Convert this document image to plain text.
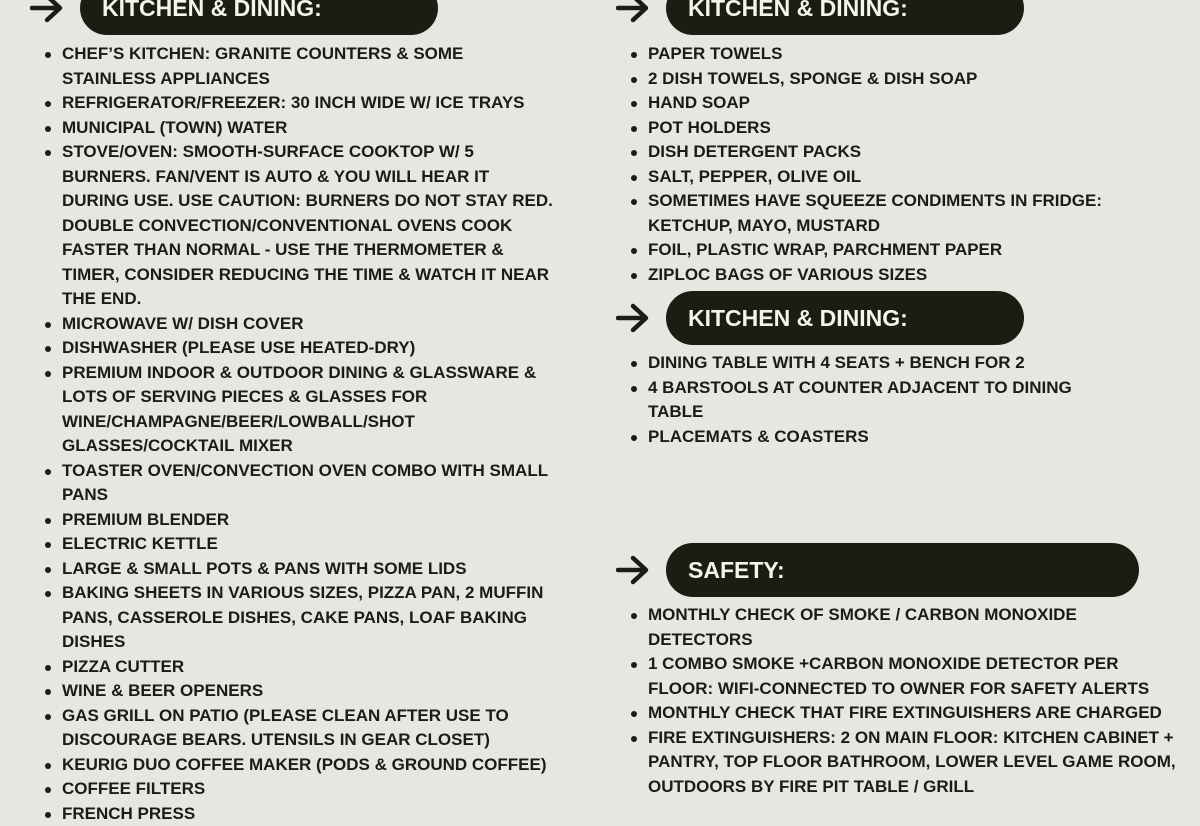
KITCHEN & DINING:
CHEF’S KITCHEN: GRANITE COUNTERS & SOME STAINLESS APPLIANCES
REFRIGERATOR/FREEZER: 30 INCH WIDE W/ ICE TRAYS
MUNICIPAL (TOWN) WATER
STOVE/OVEN: SMOOTH-SURFACE COOKTOP W/ 5 BURNERS. FAN/VENT IS AUTO & YOU WILL HEAR IT DURING USE. USE CAUTION: BURNERS DO NOT STAY RED. DOUBLE CONVECTION/CONVENTIONAL OVENS COOK FASTER THAN NORMAL - USE THE THERMOMETER & TIMER, CONSIDER REDUCING THE TIME & WATCH IT NEAR THE END.
MICROWAVE W/ DISH COVER
DISHWASHER (PLEASE USE HEATED-DRY)
PREMIUM INDOOR & OUTDOOR DINING & GLASSWARE & LOTS OF SERVING PIECES & GLASSES FOR WINE/CHAMPAGNE/BEER/LOWBALL/SHOT GLASSES/COCKTAIL MIXER
TOASTER OVEN/CONVECTION OVEN COMBO WITH SMALL PANS
PREMIUM BLENDER
ELECTRIC KETTLE
LARGE & SMALL POTS & PANS WITH SOME LIDS
BAKING SHEETS IN VARIOUS SIZES, PIZZA PAN, 2 MUFFIN PANS, CASSEROLE DISHES, CAKE PANS, LOAF BAKING DISHES
PIZZA CUTTER
WINE & BEER OPENERS
GAS GRILL ON PATIO (PLEASE CLEAN AFTER USE TO DISCOURAGE BEARS. UTENSILS IN GEAR CLOSET)
KEURIG DUO COFFEE MAKER (PODS & GROUND COFFEE)
COFFEE FILTERS
FRENCH PRESS
KITCHEN & DINING:
PAPER TOWELS
2 DISH TOWELS, SPONGE & DISH SOAP
HAND SOAP
POT HOLDERS
DISH DETERGENT PACKS
SALT, PEPPER, OLIVE OIL
SOMETIMES HAVE SQUEEZE CONDIMENTS IN FRIDGE: KETCHUP, MAYO, MUSTARD
FOIL, PLASTIC WRAP, PARCHMENT PAPER
ZIPLOC BAGS OF VARIOUS SIZES
KITCHEN & DINING:
DINING TABLE WITH 4 SEATS + BENCH FOR 2
4 BARSTOOLS AT COUNTER ADJACENT TO DINING TABLE
PLACEMATS & COASTERS
SAFETY:
MONTHLY CHECK OF SMOKE / CARBON MONOXIDE DETECTORS
1 COMBO SMOKE +CARBON MONOXIDE DETECTOR PER FLOOR: WIFI-CONNECTED TO OWNER FOR SAFETY ALERTS
MONTHLY CHECK THAT FIRE EXTINGUISHERS ARE CHARGED
FIRE EXTINGUISHERS: 2 ON MAIN FLOOR: KITCHEN CABINET + PANTRY, TOP FLOOR BATHROOM, LOWER LEVEL GAME ROOM, OUTDOORS BY FIRE PIT TABLE / GRILL
